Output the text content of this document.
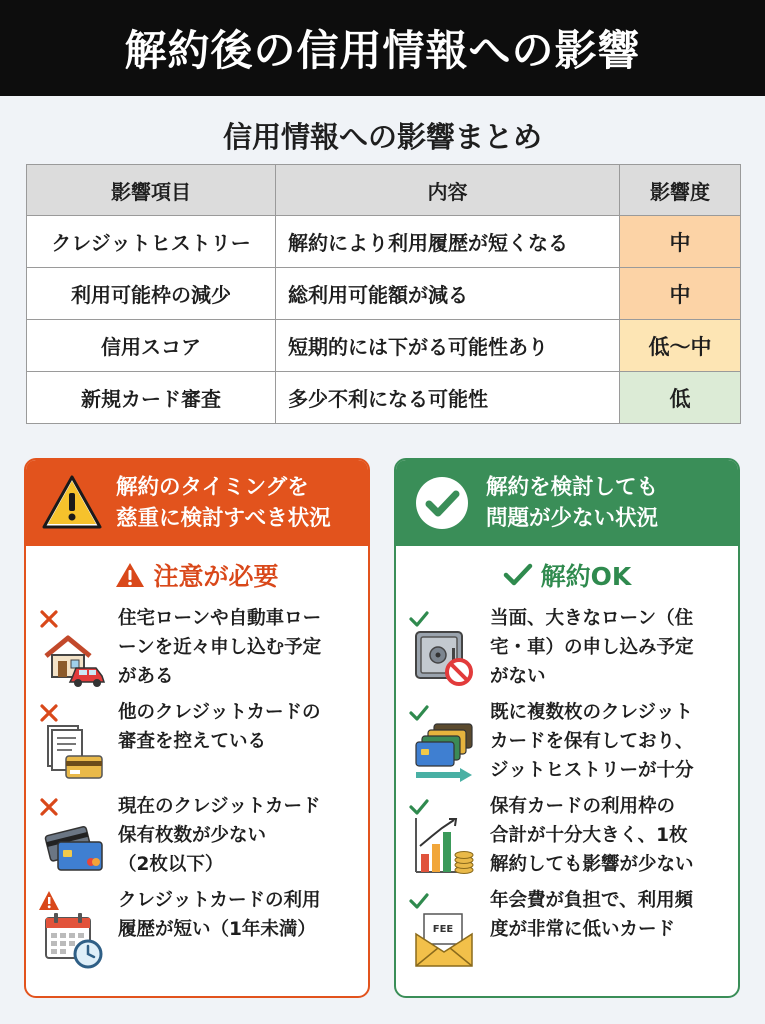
解約後の信用情報への影響
信用情報への影響まとめ
影響項目	内容	影響度
クレジットヒストリー	解約により利用履歴が短くなる	中
利用可能枠の減少	総利用可能額が減る	中
信用スコア	短期的には下がる可能性あり	低〜中
新規カード審査	多少不利になる可能性	低
解約のタイミングを
慈重に検討すべき状況
注意が必要
住宅ローンや自動車ロー
ーンを近々申し込む予定
がある
他のクレジットカードの
審査を控えている
現在のクレジットカード
保有枚数が少ない
（2枚以下）
クレジットカードの利用
履歴が短い（1年未満）
解約を検討しても
問題が少ない状況
解約OK
当面、大きなローン（住
宅・車）の申し込み予定
がない
既に複数枚のクレジット
カードを保有しており、
ジットヒストリーが十分
保有カードの利用枠の
合計が十分大きく、1枚
解約しても影響が少ない
FEE
年会費が負担で、利用頻
度が非常に低いカード
